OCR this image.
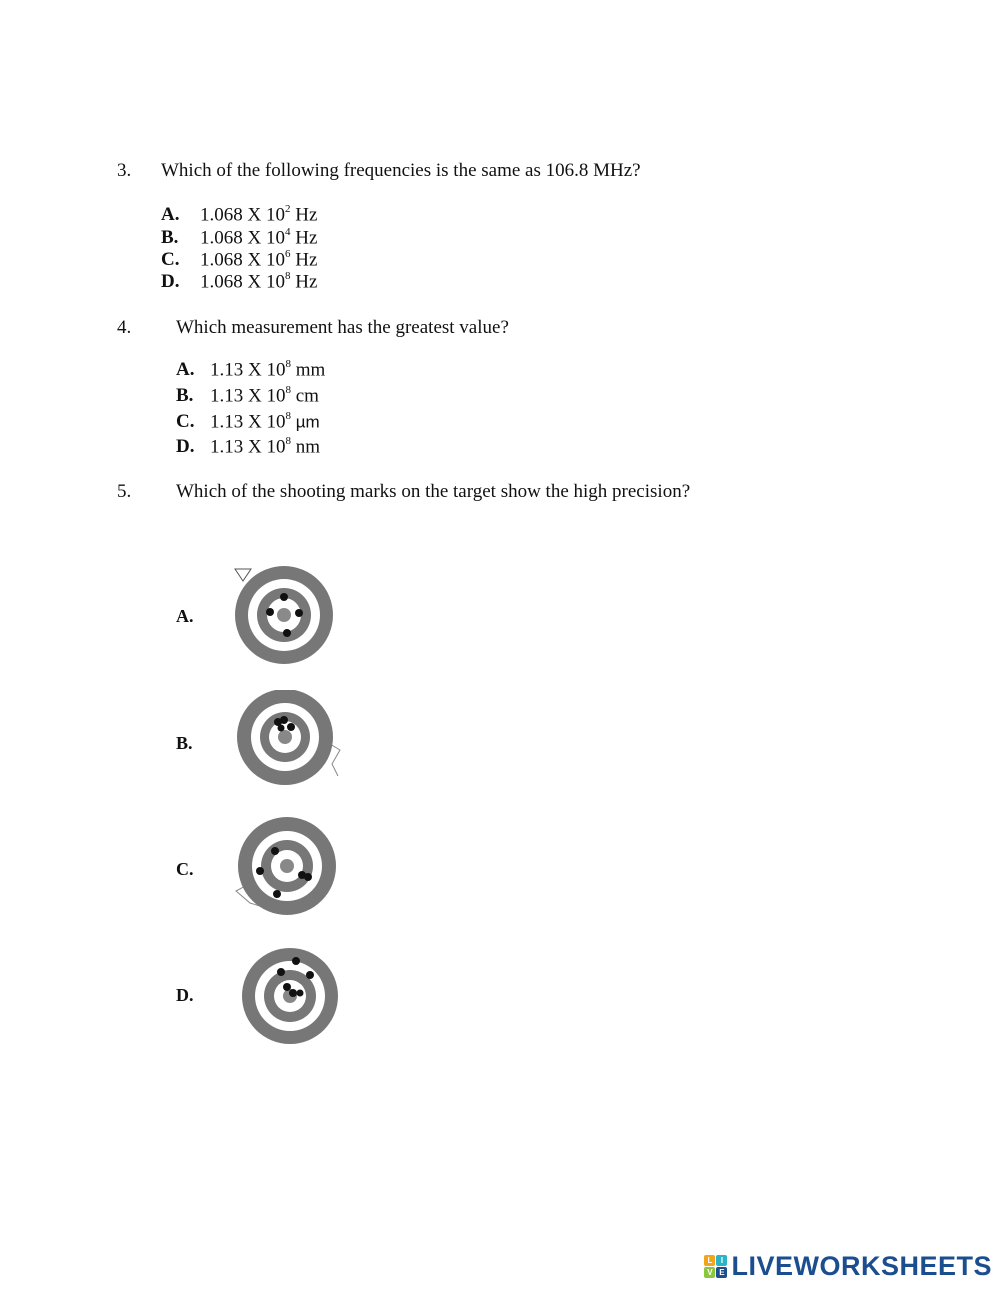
3. Which of the following frequencies is the same as 106.8 MHz?
A. 1.068 X $10^2$ Hz
B. 1.068 X $10^4$ Hz
C. 1.068 X $10^6$ Hz
D. 1.068 X $10^8$ Hz
4. Which measurement has the greatest value?
A. 1.13 X $10^8$ mm
B. 1.13 X $10^8$ cm
C. 1.13 X $10^8$ µm
D. 1.13 X $10^8$ nm
5. Which of the shooting marks on the target show the high precision?
A.
B.
C.
D.
L	I
V E LIVEWORKSHEETS
